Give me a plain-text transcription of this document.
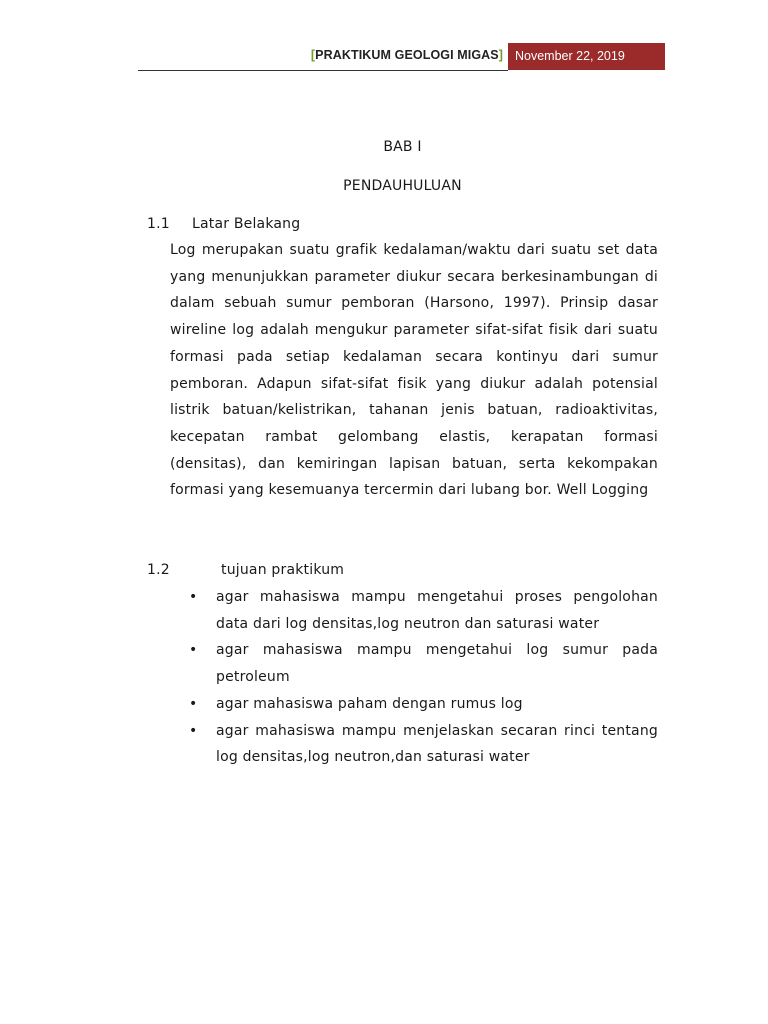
[PRAKTIKUM GEOLOGI MIGAS] November 22, 2019
BAB I
PENDAUHULUAN
1.1 Latar Belakang

Log merupakan suatu grafik kedalaman/waktu dari suatu set data yang menunjukkan parameter diukur secara berkesinambungan di dalam sebuah sumur pemboran (Harsono, 1997). Prinsip dasar wireline log adalah mengukur parameter sifat-sifat fisik dari suatu formasi pada setiap kedalaman secara kontinyu dari sumur pemboran. Adapun sifat-sifat fisik yang diukur adalah potensial listrik batuan/kelistrikan, tahanan jenis batuan, radioaktivitas, kecepatan rambat gelombang elastis, kerapatan formasi (densitas), dan kemiringan lapisan batuan, serta kekompakan formasi yang kesemuanya tercermin dari lubang bor. Well Logging

1.2	tujuan praktikum
• agar mahasiswa mampu mengetahui proses pengolohan data dari log densitas,log neutron dan saturasi water
• agar mahasiswa mampu mengetahui log sumur pada petroleum
• agar mahasiswa paham dengan rumus log
• agar mahasiswa mampu menjelaskan secaran rinci tentang log densitas,log neutron,dan saturasi water
